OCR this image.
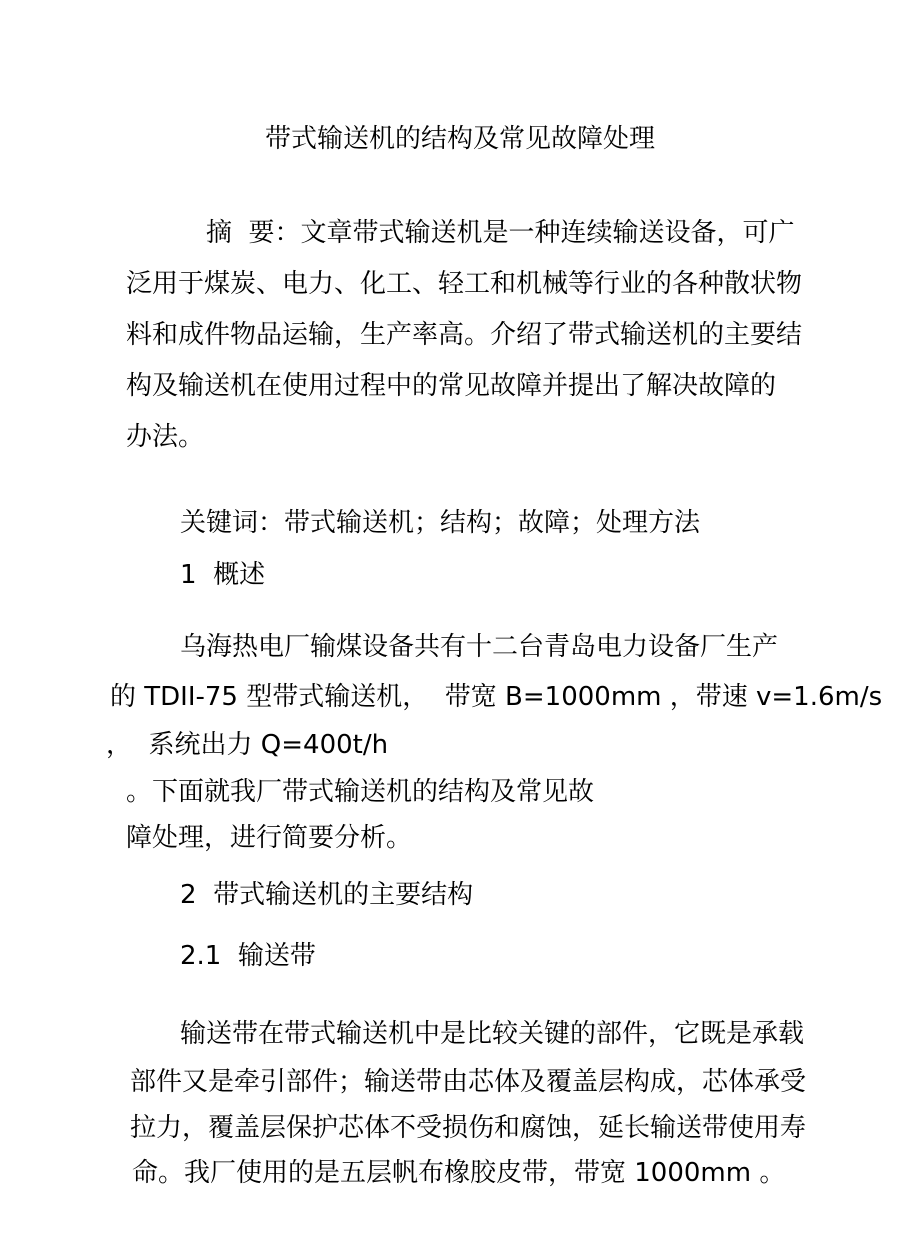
带式输送机的结构及常见故障处理
摘  要：文章带式输送机是一种连续输送设备，可广
泛用于煤炭、电力、化工、轻工和机械等行业的各种散状物
料和成件物品运输，生产率高。介绍了带式输送机的主要结
构及输送机在使用过程中的常见故障并提出了解决故障的
办法。
关键词：带式输送机；结构；故障；处理方法
1  概述
乌海热电厂输煤设备共有十二台青岛电力设备厂生产
的 TDII-75 型带式输送机，  带宽 B=1000mm ，带速 v=1.6m/s
，  系统出力 Q=400t/h
。下面就我厂带式输送机的结构及常见故
障处理，进行简要分析。
2  带式输送机的主要结构
2.1  输送带
输送带在带式输送机中是比较关键的部件，它既是承载
部件又是牵引部件；输送带由芯体及覆盖层构成，芯体承受
拉力，覆盖层保护芯体不受损伤和腐蚀，延长输送带使用寿
命。我厂使用的是五层帆布橡胶皮带，带宽 1000mm 。
